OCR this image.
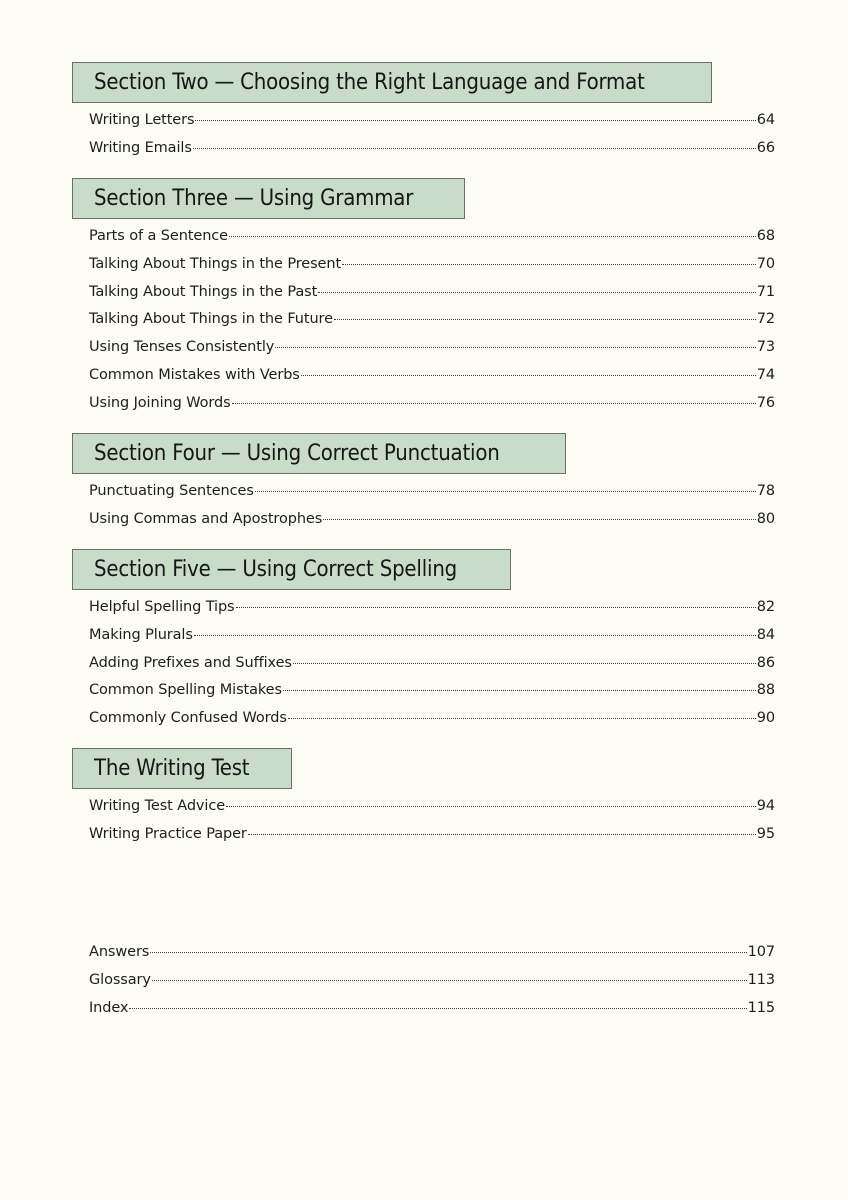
Section Two — Choosing the Right Language and Format
Writing Letters	64
Writing Emails	66
Section Three — Using Grammar
Parts of a Sentence	68
Talking About Things in the Present	70
Talking About Things in the Past	71
Talking About Things in the Future	72
Using Tenses Consistently	73
Common Mistakes with Verbs	74
Using Joining Words	76
Section Four — Using Correct Punctuation
Punctuating Sentences	78
Using Commas and Apostrophes	80
Section Five — Using Correct Spelling
Helpful Spelling Tips	82
Making Plurals	84
Adding Prefixes and Suffixes	86
Common Spelling Mistakes	88
Commonly Confused Words	90
The Writing Test
Writing Test Advice	94
Writing Practice Paper	95
Answers	107
Glossary	113
Index	115
